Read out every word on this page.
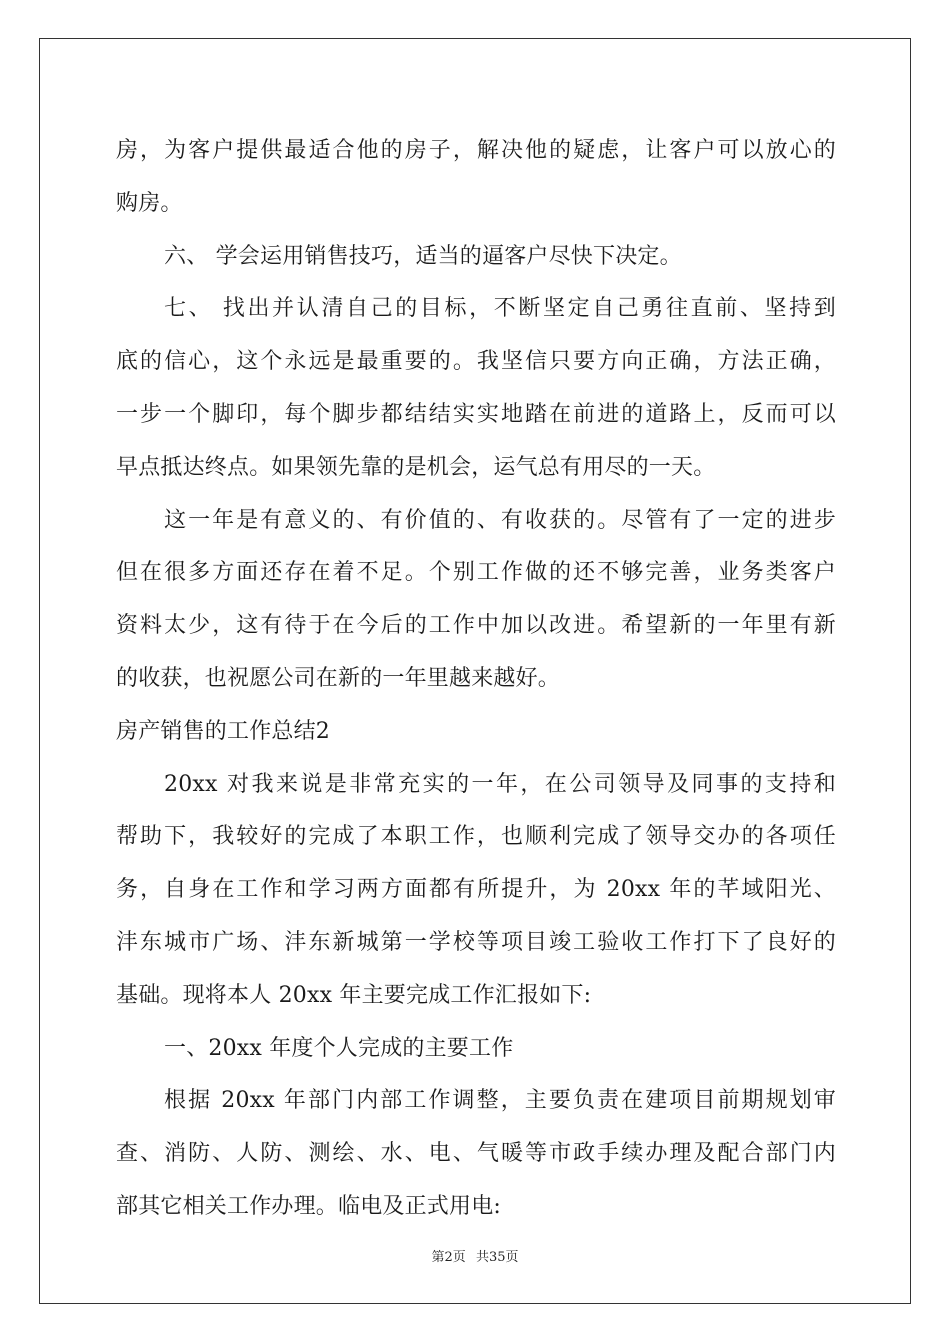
房，为客户提供最适合他的房子，解决他的疑虑，让客户可以放心的
购房。
六、 学会运用销售技巧，适当的逼客户尽快下决定。
七、 找出并认清自己的目标，不断坚定自己勇往直前、坚持到
底的信心，这个永远是最重要的。我坚信只要方向正确，方法正确，
一步一个脚印，每个脚步都结结实实地踏在前进的道路上，反而可以
早点抵达终点。如果领先靠的是机会，运气总有用尽的一天。
这一年是有意义的、有价值的、有收获的。尽管有了一定的进步
但在很多方面还存在着不足。个别工作做的还不够完善，业务类客户
资料太少，这有待于在今后的工作中加以改进。希望新的一年里有新
的收获，也祝愿公司在新的一年里越来越好。
房产销售的工作总结2
20xx 对我来说是非常充实的一年，在公司领导及同事的支持和
帮助下，我较好的完成了本职工作，也顺利完成了领导交办的各项任
务，自身在工作和学习两方面都有所提升，为 20xx 年的芊域阳光、
沣东城市广场、沣东新城第一学校等项目竣工验收工作打下了良好的
基础。现将本人 20xx 年主要完成工作汇报如下:
一、20xx 年度个人完成的主要工作
根据 20xx 年部门内部工作调整，主要负责在建项目前期规划审
查、消防、人防、测绘、水、电、气暖等市政手续办理及配合部门内
部其它相关工作办理。临电及正式用电:
第2页 共35页
